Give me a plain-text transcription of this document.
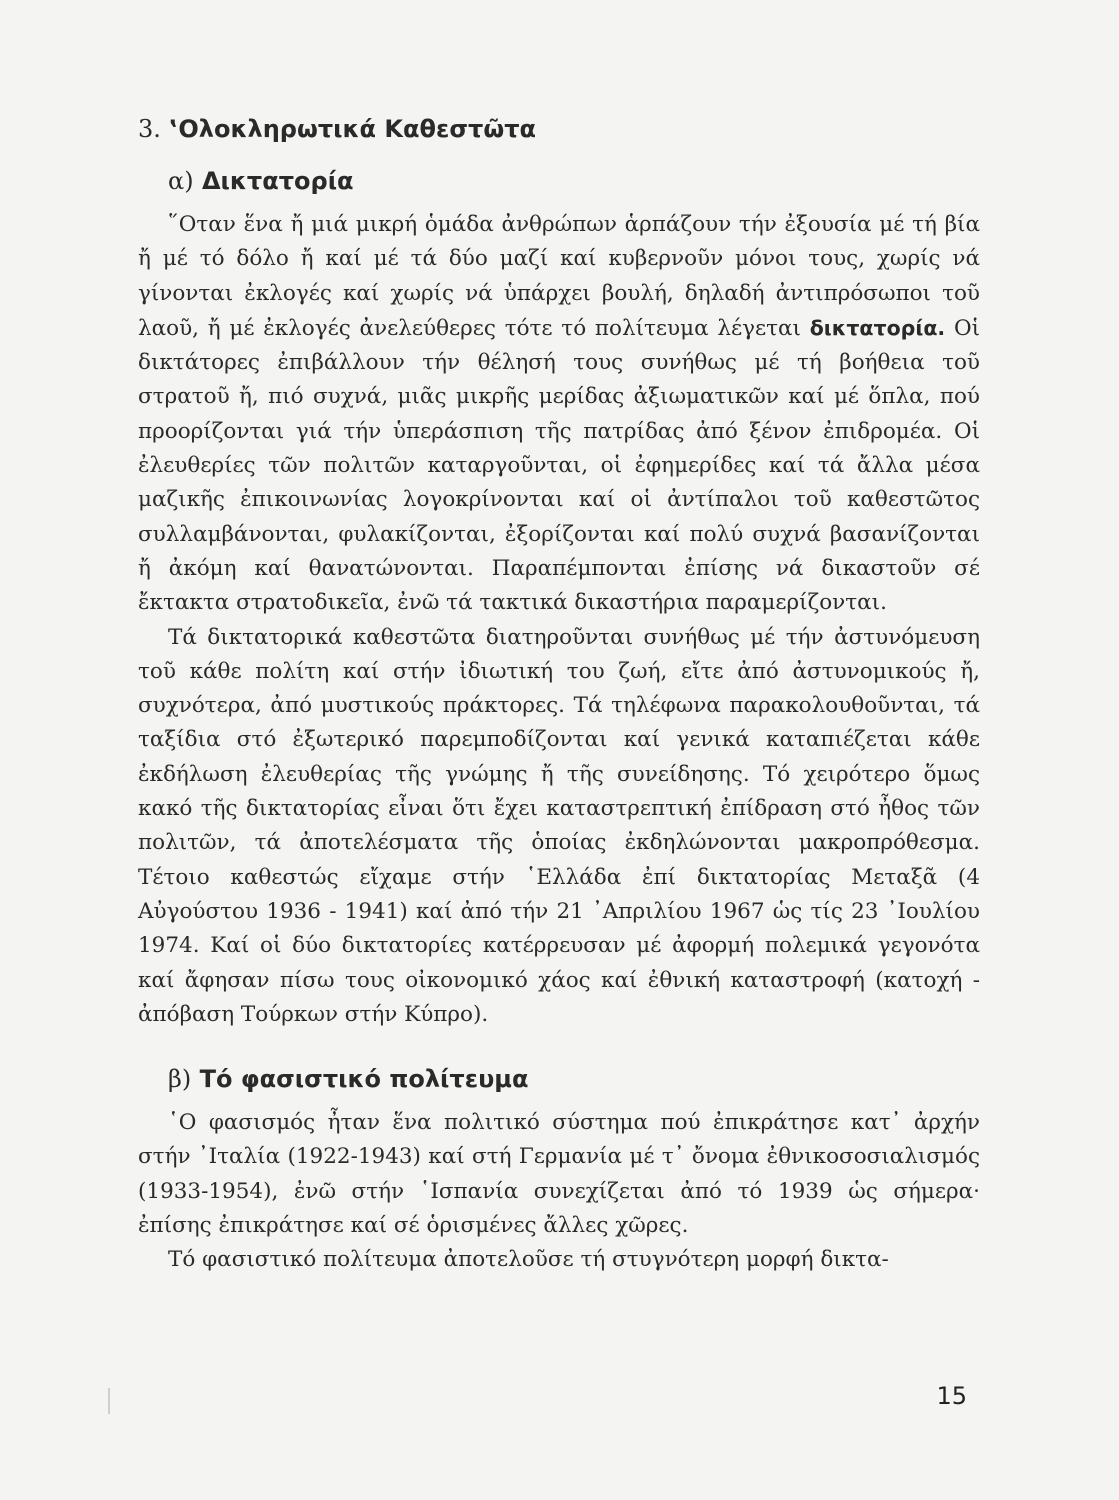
3. ‛Ολοκληρωτικά Καθεστῶτα
α) Δικτατορία

῞Οταν ἕνα ἤ μιά μικρή ὁμάδα ἀνθρώπων ἁρπάζουν τήν ἐξουσία μέ τή βία ἤ μέ τό δόλο ἤ καί μέ τά δύο μαζί καί κυβερνοῦν μόνοι τους, χωρίς νά γίνονται ἐκλογές καί χωρίς νά ὑπάρχει βουλή, δηλαδή ἀντιπρόσωποι τοῦ λαοῦ, ἤ μέ ἐκλογές ἀνελεύθερες τότε τό πολίτευμα λέγεται δικτατορία. Οἱ δικτάτορες ἐπιβάλλουν τήν θέλησή τους συνήθως μέ τή βοήθεια τοῦ στρατοῦ ἤ, πιό συχνά, μιᾶς μικρῆς μερίδας ἀξιωματικῶν καί μέ ὅπλα, πού προορίζονται γιά τήν ὑπεράσπιση τῆς πατρίδας ἀπό ξένον ἐπιδρομέα. Οἱ ἐλευθερίες τῶν πολιτῶν καταργοῦνται, οἱ ἐφημερίδες καί τά ἄλλα μέσα μαζικῆς ἐπικοινωνίας λογοκρίνονται καί οἱ ἀντίπαλοι τοῦ καθεστῶτος συλλαμβάνονται, φυλακίζονται, ἐξορίζονται καί πολύ συχνά βασανίζονται ἤ ἀκόμη καί θανατώνονται. Παραπέμπονται ἐπίσης νά δικαστοῦν σέ ἔκτακτα στρατοδικεῖα, ἐνῶ τά τακτικά δικαστήρια παραμερίζονται.

Τά δικτατορικά καθεστῶτα διατηροῦνται συνήθως μέ τήν ἀστυνόμευση τοῦ κάθε πολίτη καί στήν ἰδιωτική του ζωή, εἴτε ἀπό ἀστυνομικούς ἤ, συχνότερα, ἀπό μυστικούς πράκτορες. Τά τηλέφωνα παρακολουθοῦνται, τά ταξίδια στό ἐξωτερικό παρεμποδίζονται καί γενικά καταπιέζεται κάθε ἐκδήλωση ἐλευθερίας τῆς γνώμης ἤ τῆς συνείδησης. Τό χειρότερο ὅμως κακό τῆς δικτατορίας εἶναι ὅτι ἔχει καταστρεπτική ἐπίδραση στό ἦθος τῶν πολιτῶν, τά ἀποτελέσματα τῆς ὁποίας ἐκδηλώνονται μακροπρόθεσμα. Τέτοιο καθεστώς εἴχαμε στήν ῾Ελλάδα ἐπί δικτατορίας Μεταξᾶ (4 Αὐγούστου 1936 - 1941) καί ἀπό τήν 21 ᾿Απριλίου 1967 ὡς τίς 23 ᾿Ιουλίου 1974. Καί οἱ δύο δικτατορίες κατέρρευσαν μέ ἀφορμή πολεμικά γεγονότα καί ἄφησαν πίσω τους οἰκονομικό χάος καί ἐθνική καταστροφή (κατοχή - ἀπόβαση Τούρκων στήν Κύπρο).

β) Τό φασιστικό πολίτευμα

῾Ο φασισμός ἦταν ἕνα πολιτικό σύστημα πού ἐπικράτησε κατ᾿ ἀρχήν στήν ᾿Ιταλία (1922-1943) καί στή Γερμανία μέ τ᾿ ὄνομα ἐθνικοσοσιαλισμός (1933-1954), ἐνῶ στήν ῾Ισπανία συνεχίζεται ἀπό τό 1939 ὡς σήμερα· ἐπίσης ἐπικράτησε καί σέ ὁρισμένες ἄλλες χῶρες.

Τό φασιστικό πολίτευμα ἀποτελοῦσε τή στυγνότερη μορφή δικτα-

15
